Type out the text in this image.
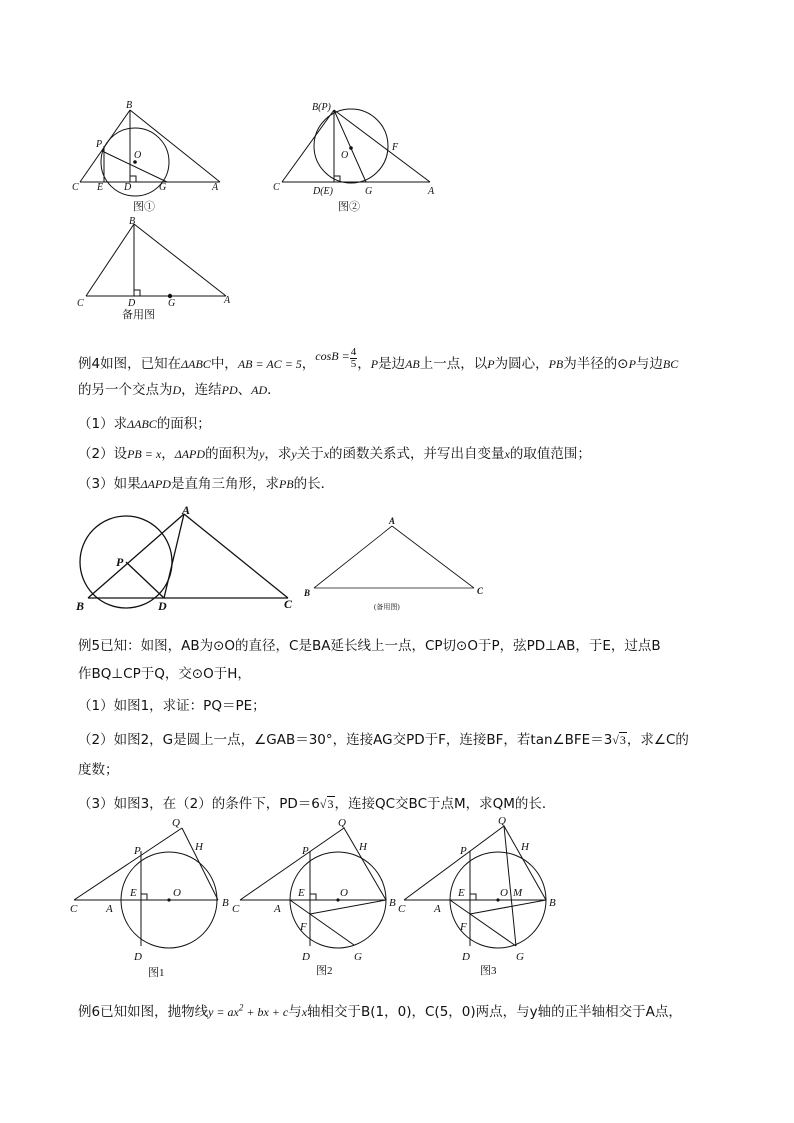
B
P
O
C E D	G	A
图①
B(P)
O
F
C	D(E)	G	A
图②
B
C	D	G	A
备用图
例4如图，已知在ΔABC中，AB = AC = 5，$\cos B = \frac{4}{5}$ ，P是边AB上一点，以P为圆心，PB为半径的⊙P与边BC
的另一个交点为D，连结PD、AD．
（1）求ΔABC的面积；
（2）设PB = x，ΔAPD的面积为y，求y关于x的函数关系式，并写出自变量x的取值范围；
（3）如果ΔAPD是直角三角形，求PB的长．
A
P
B	D	C
A
B	C
(备用图)
例5已知：如图，AB为⊙O的直径，C是BA延长线上一点，CP切⊙O于P，弦PD⊥AB，于E，过点B
作BQ⊥CP于Q，交⊙O于H，
（1）如图1，求证：PQ＝PE；
（2）如图2，G是圆上一点，∠GAB＝30°，连接AG交PD于F，连接BF，若tan∠BFE＝3√3，求∠C的
度数；
（3）如图3，在（2）的条件下，PD＝6√3，连接QC交BC于点M，求QM的长．
Q
P	H
E	O
C	A	B
D
图1
Q
P	H
E	O
C	A	B
F
D	G
图2
Q
P	H
E	O M
C	A	B
F
D	G
图3
例6已知如图，抛物线$y = ax^2$ + bx + c与x轴相交于B(1，0)，C(5，0)两点，与y轴的正半轴相交于A点，
